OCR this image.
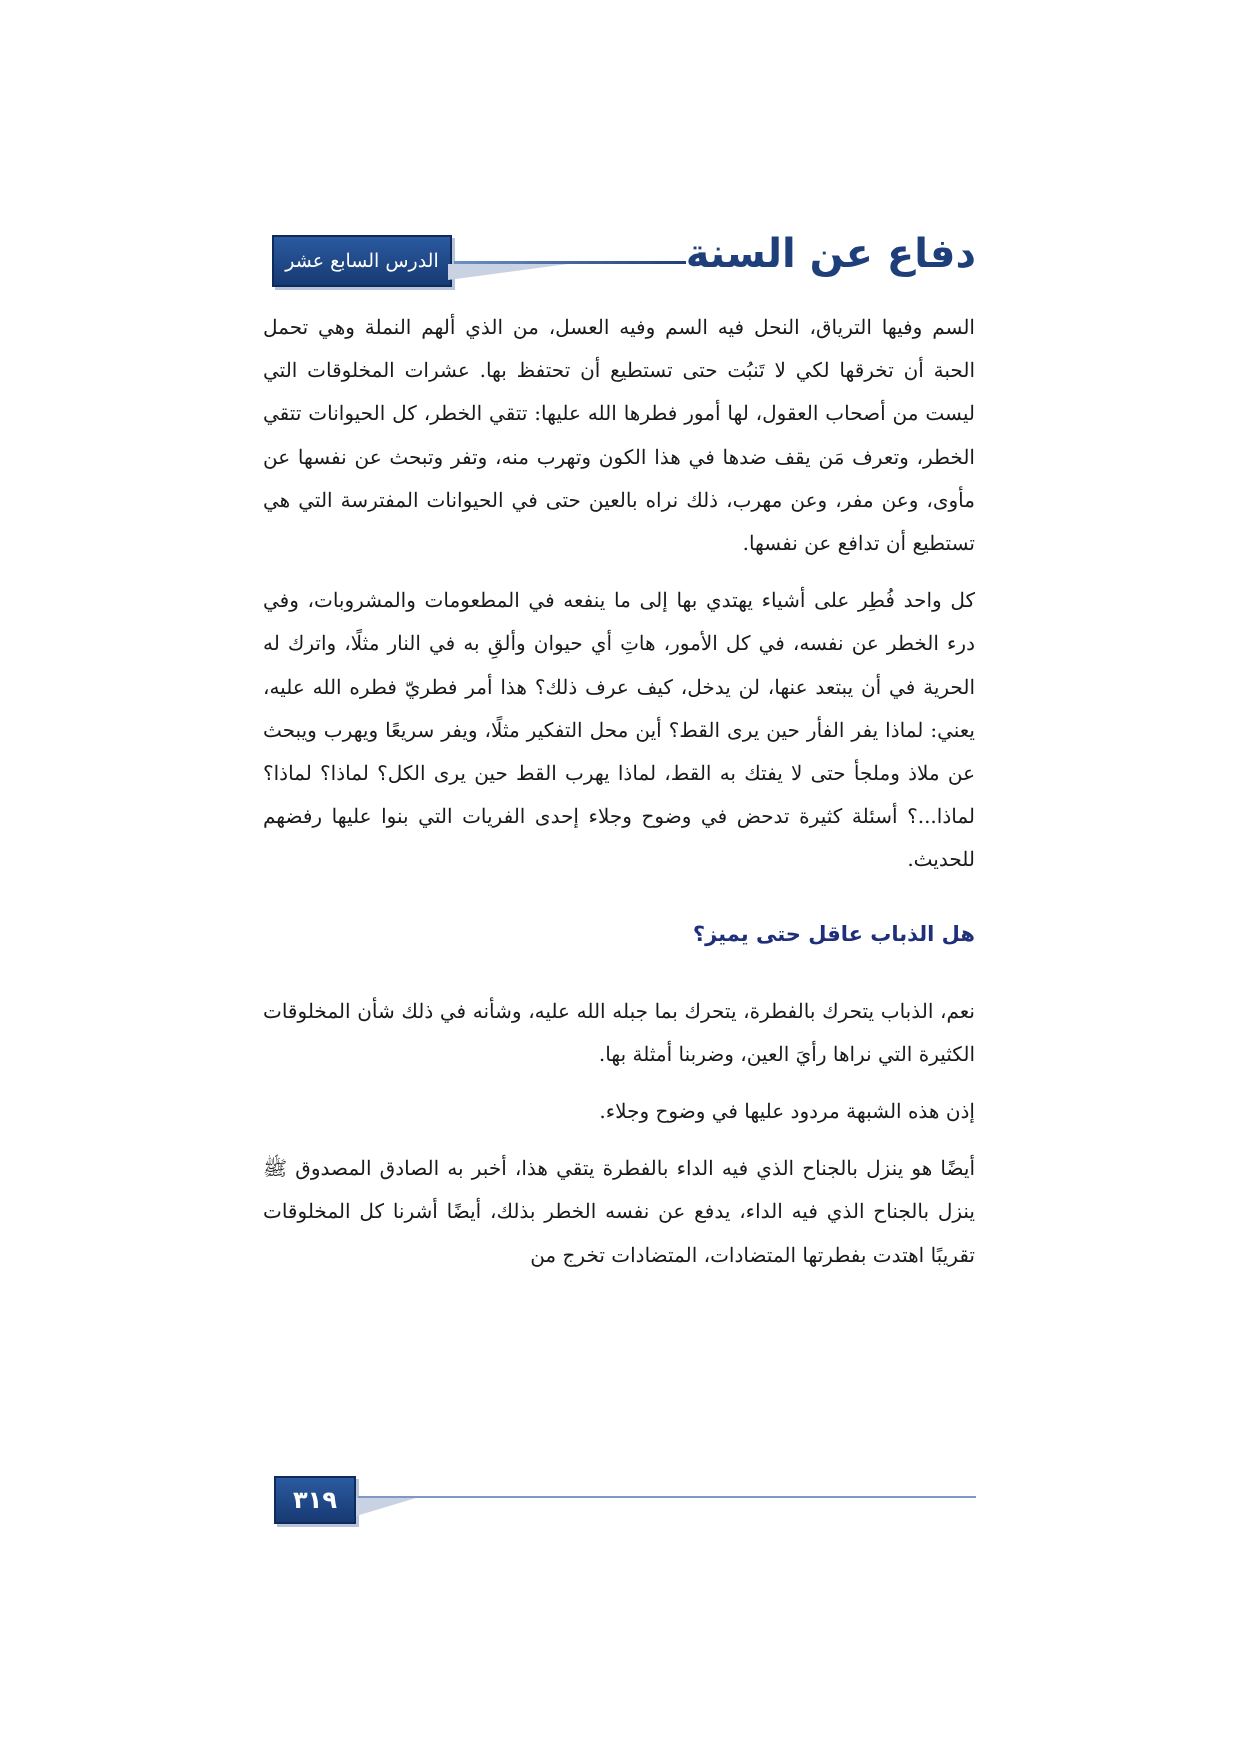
الدرس السابع عشر	دفاع عن السنة

السم وفيها الترياق، النحل فيه السم وفيه العسل، من الذي ألهم النملة وهي تحمل الحبة أن تخرقها لكي لا تَنبُت حتى تستطيع أن تحتفظ بها. عشرات المخلوقات التي ليست من أصحاب العقول، لها أمور فطرها الله عليها: تتقي الخطر، كل الحيوانات تتقي الخطر، وتعرف مَن يقف ضدها في هذا الكون وتهرب منه، وتفر وتبحث عن نفسها عن مأوى، وعن مفر، وعن مهرب، ذلك نراه بالعين حتى في الحيوانات المفترسة التي هي تستطيع أن تدافع عن نفسها.

كل واحد فُطِر على أشياء يهتدي بها إلى ما ينفعه في المطعومات والمشروبات، وفي درء الخطر عن نفسه، في كل الأمور، هاتِ أي حيوان وألقِ به في النار مثلًا، واترك له الحرية في أن يبتعد عنها، لن يدخل، كيف عرف ذلك؟ هذا أمر فطريّ فطره الله عليه، يعني: لماذا يفر الفأر حين يرى القط؟ أين محل التفكير مثلًا، ويفر سريعًا ويهرب ويبحث عن ملاذ وملجأ حتى لا يفتك به القط، لماذا يهرب القط حين يرى الكل؟ لماذا؟ لماذا؟ لماذا...؟ أسئلة كثيرة تدحض في وضوح وجلاء إحدى الفريات التي بنوا عليها رفضهم للحديث.

هل الذباب عاقل حتى يميز؟

نعم، الذباب يتحرك بالفطرة، يتحرك بما جبله الله عليه، وشأنه في ذلك شأن المخلوقات الكثيرة التي نراها رأيَ العين، وضربنا أمثلة بها.

إذن هذه الشبهة مردود عليها في وضوح وجلاء.

أيضًا هو ينزل بالجناح الذي فيه الداء بالفطرة يتقي هذا، أخبر به الصادق المصدوق ﷺ ينزل بالجناح الذي فيه الداء، يدفع عن نفسه الخطر بذلك، أيضًا أشرنا كل المخلوقات تقريبًا اهتدت بفطرتها المتضادات، المتضادات تخرج من

٣١٩
